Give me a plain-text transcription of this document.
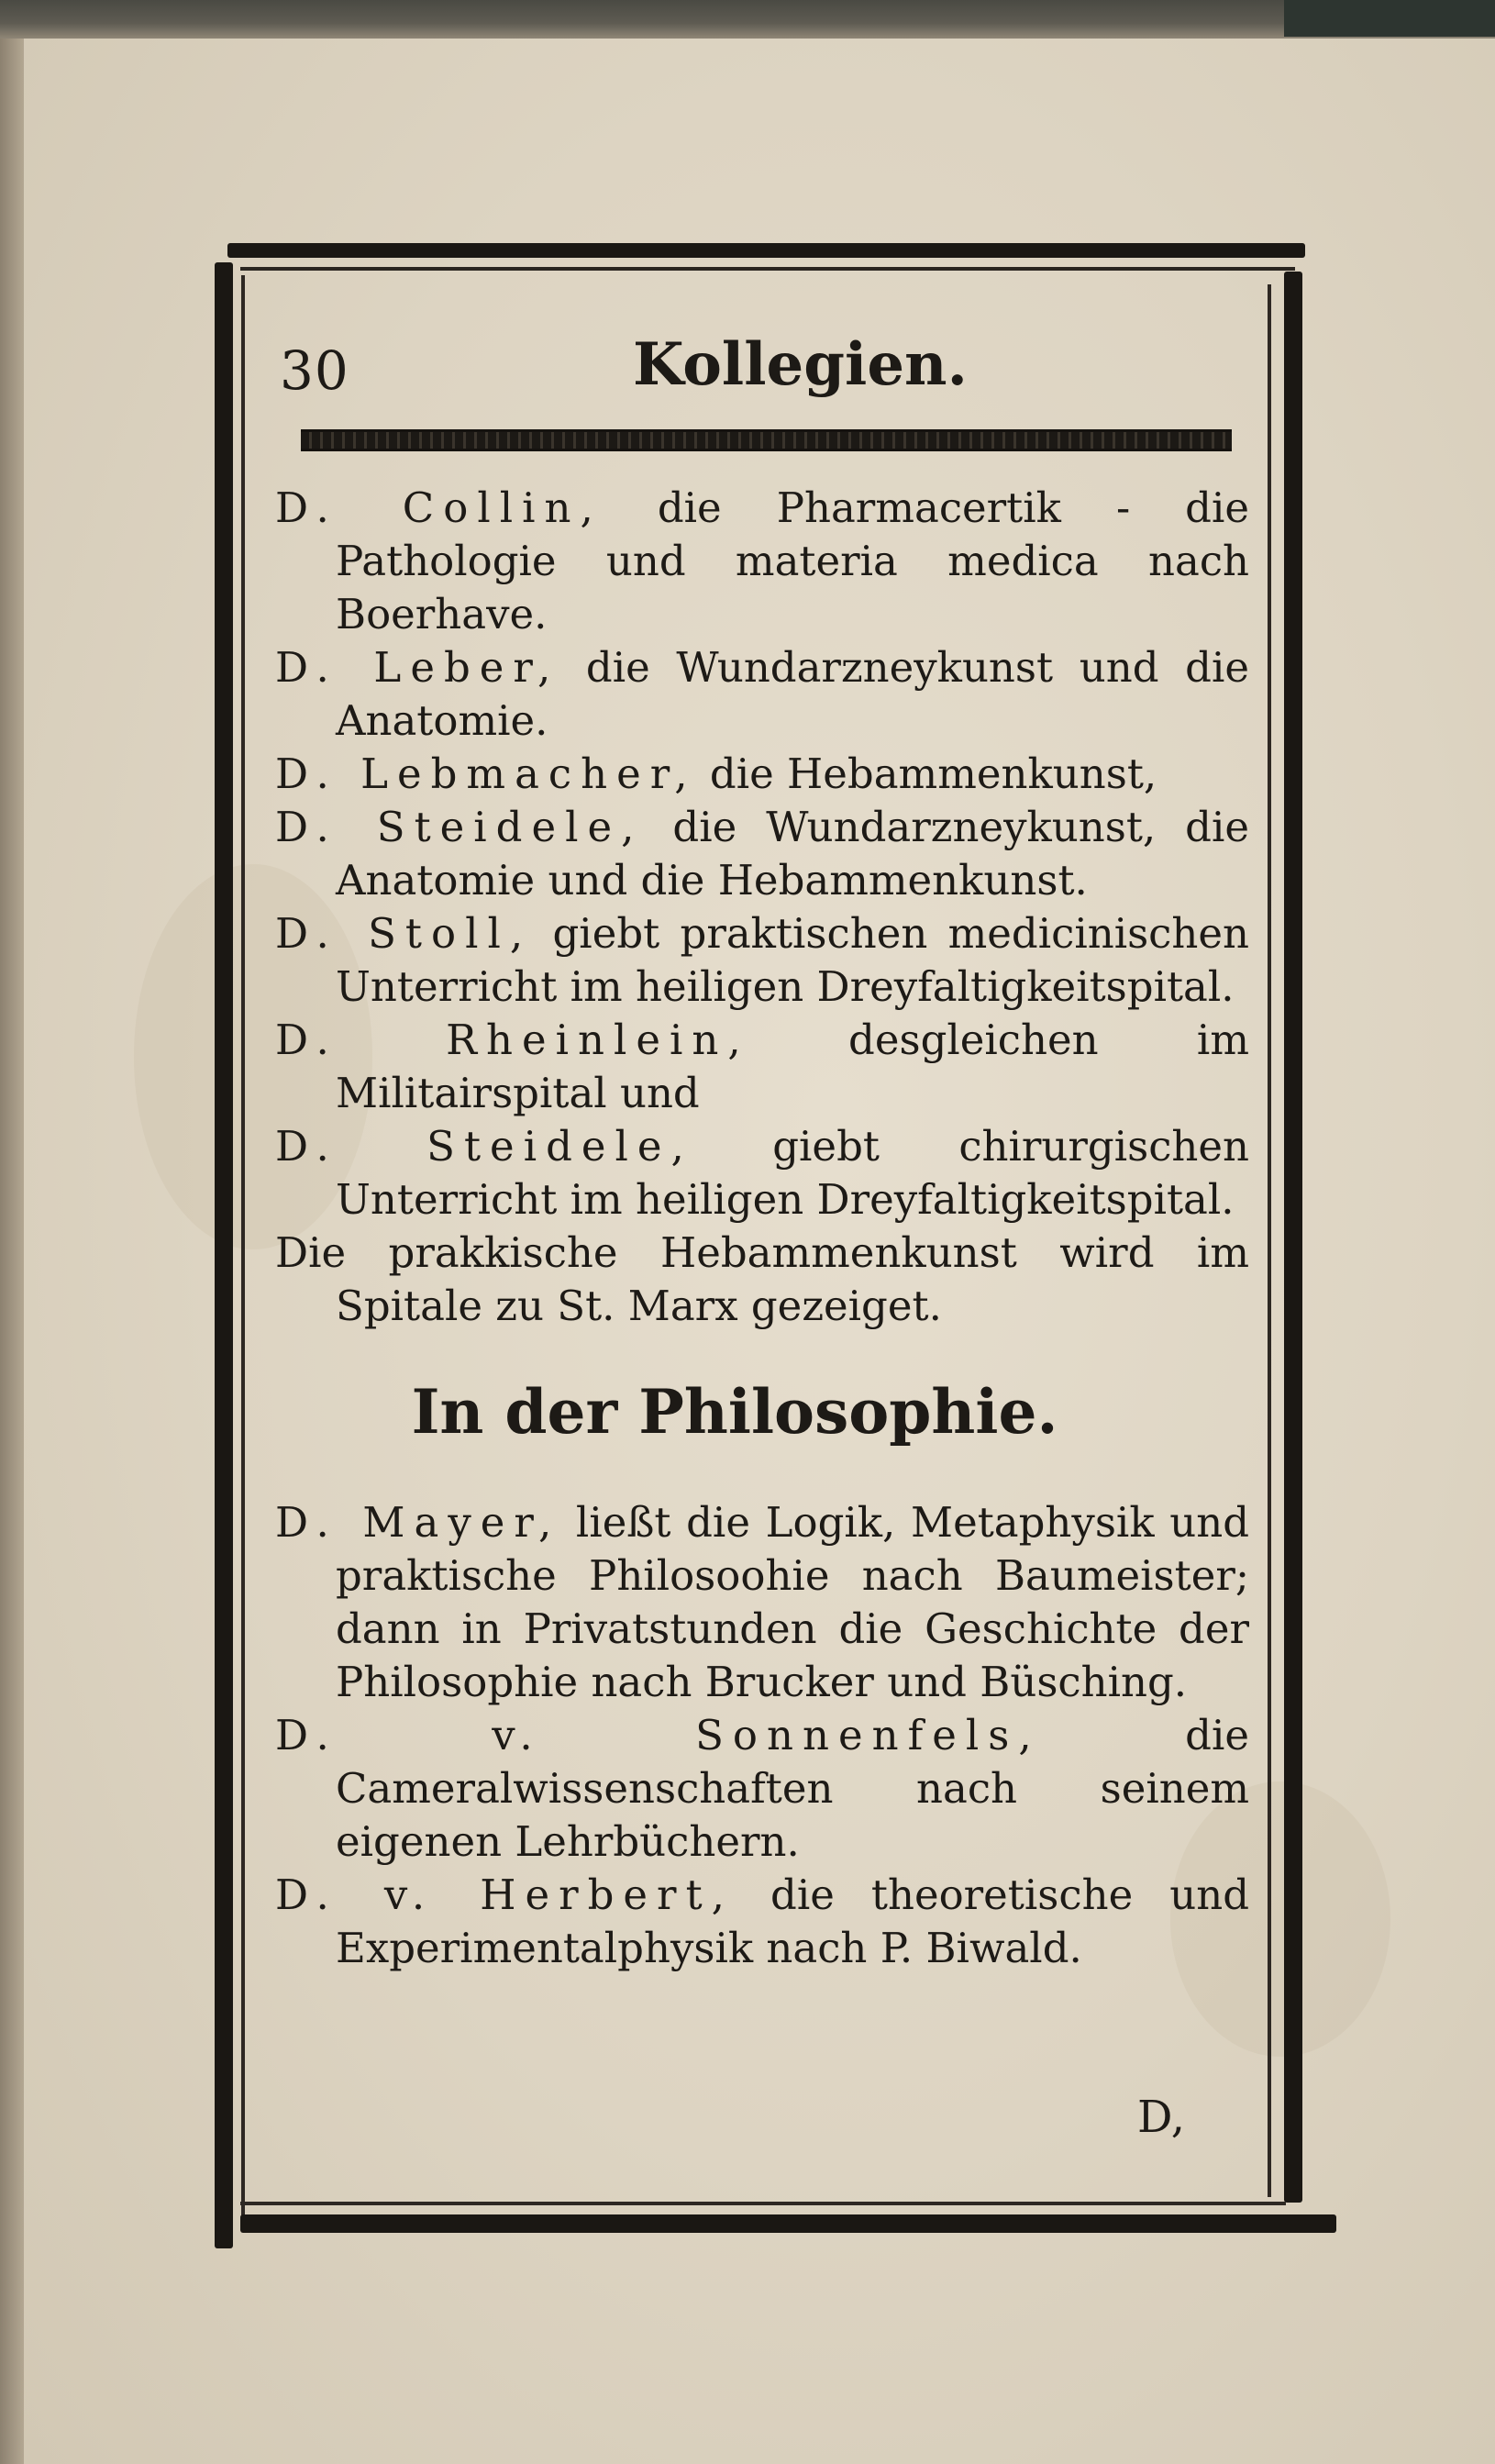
30	Kollegien.

D. Collin, die Pharmacertik - die Pathologie und materia medica nach Boerhave.

D. Leber, die Wundarzneykunst und die Anatomie.

D. Lebmacher, die Hebammenkunst,

D. Steidele, die Wundarzneykunst, die Anatomie und die Hebammenkunst.

D. Stoll, giebt praktischen medicinischen Unterricht im heiligen Dreyfaltigkeitspital.

D. Rheinlein, desgleichen im Militairspital und

D. Steidele, giebt chirurgischen Unterricht im heiligen Dreyfaltigkeitspital.

Die prakkische Hebammenkunst wird im Spitale zu St. Marx gezeiget.

In der Philosophie.

D. Mayer, ließt die Logik, Metaphysik und praktische Philosoohie nach Baumeister; dann in Privatstunden die Geschichte der Philosophie nach Brucker und Büsching.

D. v. Sonnenfels,	die Cameralwissenschaften nach seinem eigenen Lehrbüchern.

D. v. Herbert, die theoretische und Experimentalphysik nach P. Biwald.

D,
